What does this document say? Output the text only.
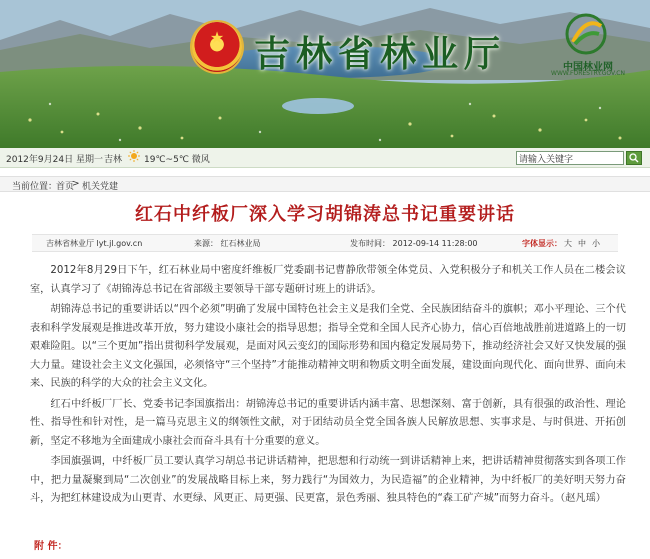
★ 吉林省林业厅	中国林业网
WWW.FORESTRY.GOV.CN
2012年9月24日 星期一 吉林 19℃~5℃ 微风
请输入关键字
当前位置：
首页
> 机关党建
红石中纤板厂深入学习胡锦涛总书记重要讲话
吉林省林业厅 lyt.jl.gov.cn	来源： 红石林业局	发布时间： 2012-09-14 11:28:00	字体显示： 大 中 小

2012年8月29日下午，红石林业局中密度纤维板厂党委副书记曹静欣带领全体党员、入党积极分子和机关工作人员在二楼会议室，认真学习了《胡锦涛总书记在省部级主要领导干部专题研讨班上的讲话》。

胡锦涛总书记的重要讲话以“四个必须”明确了发展中国特色社会主义是我们全党、全民族团结奋斗的旗帜；邓小平理论、三个代表和科学发展观是推进改革开放，努力建设小康社会的指导思想；指导全党和全国人民齐心协力，信心百倍地战胜前进道路上的一切艰难险阻。以“三个更加”指出贯彻科学发展观，是面对风云变幻的国际形势和国内稳定发展局势下，推动经济社会又好又快发展的强大力量。建设社会主义文化强国，必须恪守“三个坚持”才能推动精神文明和物质文明全面发展，建设面向现代化、面向世界、面向未来、民族的科学的大众的社会主义文化。

红石中纤板厂厂长、党委书记李国旗指出：胡锦涛总书记的重要讲话内涵丰富、思想深刻、富于创新，具有很强的政治性、理论性、指导性和针对性，是一篇马克思主义的纲领性文献，对于团结动员全党全国各族人民解放思想、实事求是、与时俱进、开拓创新，坚定不移地为全面建成小康社会而奋斗具有十分重要的意义。

李国旗强调，中纤板厂员工要认真学习胡总书记讲话精神，把思想和行动统一到讲话精神上来，把讲话精神贯彻落实到各项工作中，把力量凝聚到局“二次创业”的发展战略目标上来，努力践行“为国效力，为民造福”的企业精神，为中纤板厂的美好明天努力奋斗，为把红林建设成为山更青、水更绿、风更正、局更强、民更富，景色秀丽、独具特色的“森工矿产城”而努力奋斗。（赵凡瑶）

附 件：
